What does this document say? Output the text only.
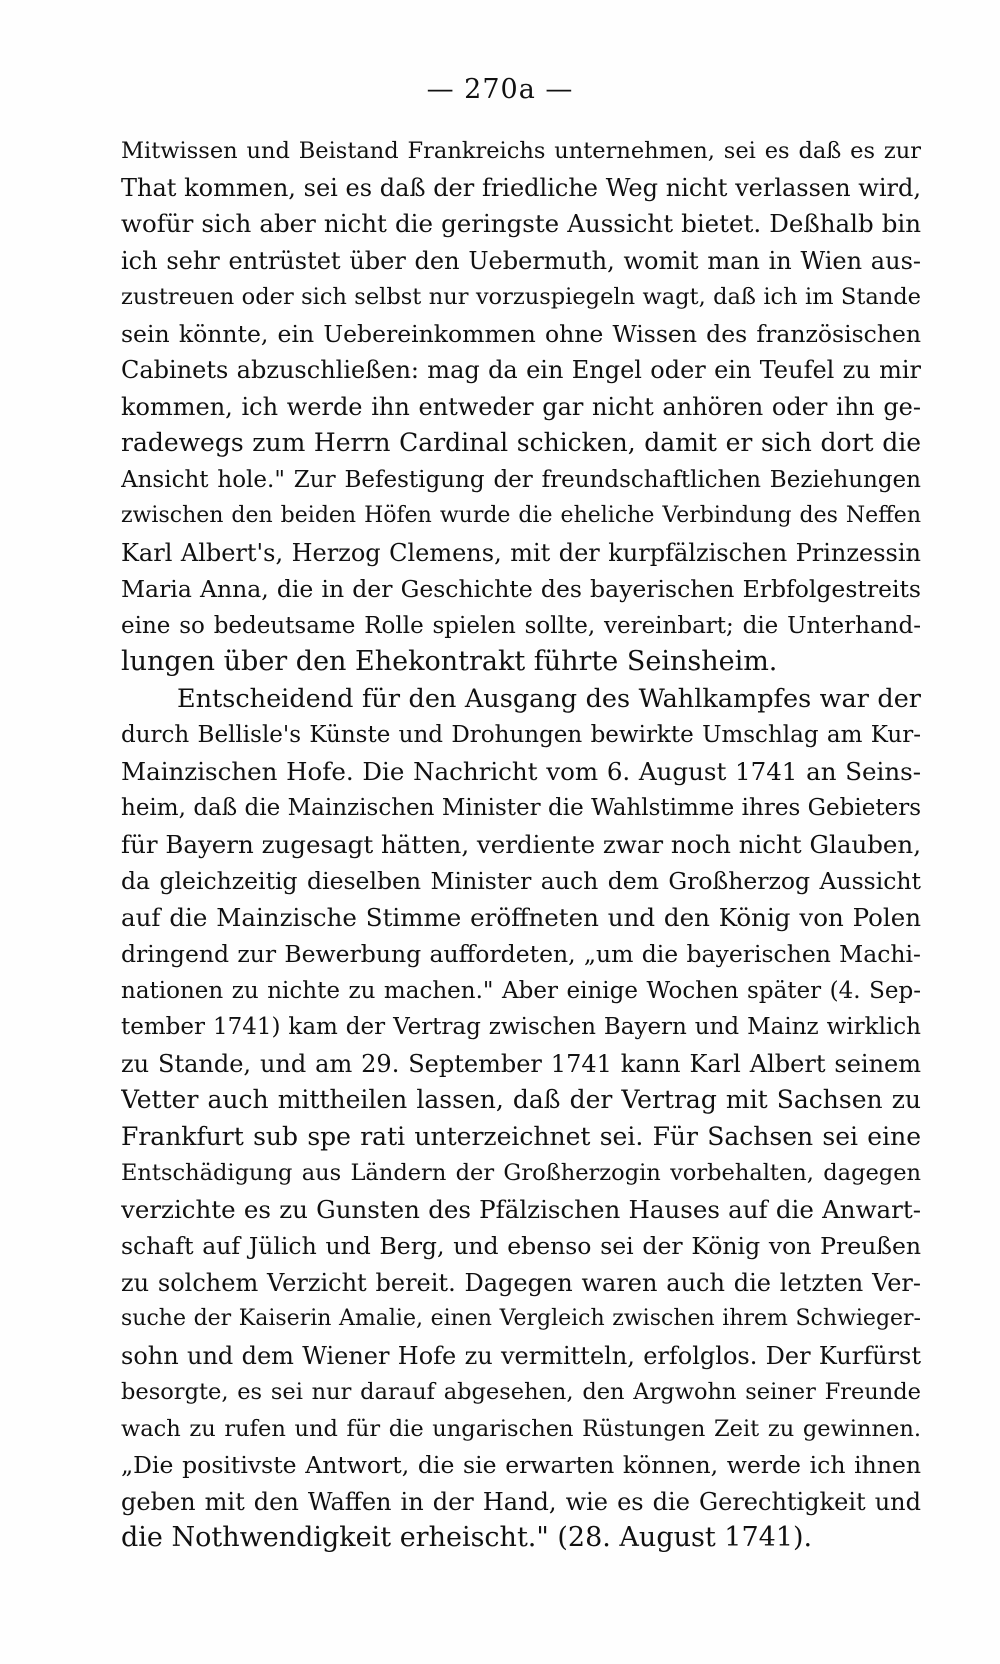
— 270a —
Mitwissen und Beistand Frankreichs unternehmen, sei es daß es zur
That kommen, sei es daß der friedliche Weg nicht verlassen wird,
wofür sich aber nicht die geringste Aussicht bietet. Deßhalb bin
ich sehr entrüstet über den Uebermuth, womit man in Wien aus-
zustreuen oder sich selbst nur vorzuspiegeln wagt, daß ich im Stande
sein könnte, ein Uebereinkommen ohne Wissen des französischen
Cabinets abzuschließen: mag da ein Engel oder ein Teufel zu mir
kommen, ich werde ihn entweder gar nicht anhören oder ihn ge-
radewegs zum Herrn Cardinal schicken, damit er sich dort die
Ansicht hole." Zur Befestigung der freundschaftlichen Beziehungen
zwischen den beiden Höfen wurde die eheliche Verbindung des Neffen
Karl Albert's, Herzog Clemens, mit der kurpfälzischen Prinzessin
Maria Anna, die in der Geschichte des bayerischen Erbfolgestreits
eine so bedeutsame Rolle spielen sollte, vereinbart; die Unterhand-
lungen über den Ehekontrakt führte Seinsheim.
Entscheidend für den Ausgang des Wahlkampfes war der
durch Bellisle's Künste und Drohungen bewirkte Umschlag am Kur-
Mainzischen Hofe. Die Nachricht vom 6. August 1741 an Seins-
heim, daß die Mainzischen Minister die Wahlstimme ihres Gebieters
für Bayern zugesagt hätten, verdiente zwar noch nicht Glauben,
da gleichzeitig dieselben Minister auch dem Großherzog Aussicht
auf die Mainzische Stimme eröffneten und den König von Polen
dringend zur Bewerbung auffordeten, „um die bayerischen Machi-
nationen zu nichte zu machen." Aber einige Wochen später (4. Sep-
tember 1741) kam der Vertrag zwischen Bayern und Mainz wirklich
zu Stande, und am 29. September 1741 kann Karl Albert seinem
Vetter auch mittheilen lassen, daß der Vertrag mit Sachsen zu
Frankfurt sub spe rati unterzeichnet sei. Für Sachsen sei eine
Entschädigung aus Ländern der Großherzogin vorbehalten, dagegen
verzichte es zu Gunsten des Pfälzischen Hauses auf die Anwart-
schaft auf Jülich und Berg, und ebenso sei der König von Preußen
zu solchem Verzicht bereit. Dagegen waren auch die letzten Ver-
suche der Kaiserin Amalie, einen Vergleich zwischen ihrem Schwieger-
sohn und dem Wiener Hofe zu vermitteln, erfolglos. Der Kurfürst
besorgte, es sei nur darauf abgesehen, den Argwohn seiner Freunde
wach zu rufen und für die ungarischen Rüstungen Zeit zu gewinnen.
„Die positivste Antwort, die sie erwarten können, werde ich ihnen
geben mit den Waffen in der Hand, wie es die Gerechtigkeit und
die Nothwendigkeit erheischt." (28. August 1741).
